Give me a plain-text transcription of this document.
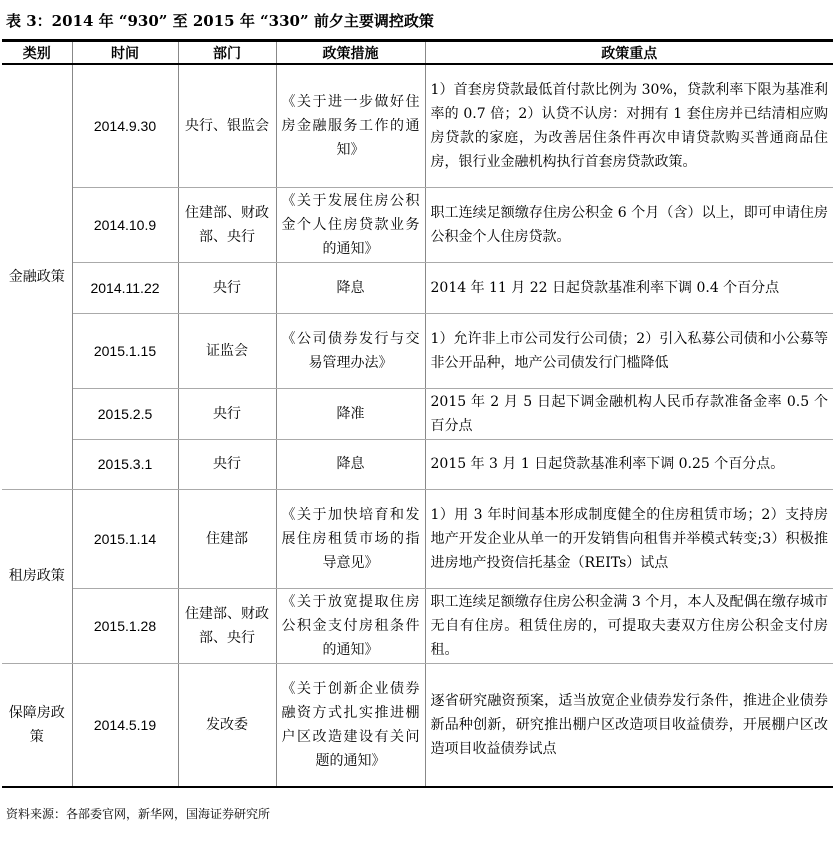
表 3：2014 年 “930” 至 2015 年 “330” 前夕主要调控政策
类别	时间	部门	政策措施	政策重点
金融政策	2014.9.30	央行、银监会	《关于进一步做好住房金融服务工作的通知》	1）首套房贷款最低首付款比例为 30%，贷款利率下限为基准利率的 0.7 倍；2）认贷不认房：对拥有 1 套住房并已结清相应购房贷款的家庭，为改善居住条件再次申请贷款购买普通商品住房，银行业金融机构执行首套房贷款政策。
	2014.10.9	住建部、财政部、央行	《关于发展住房公积金个人住房贷款业务的通知》	职工连续足额缴存住房公积金 6 个月（含）以上，即可申请住房公积金个人住房贷款。
	2014.11.22	央行	降息	2014 年 11 月 22 日起贷款基准利率下调 0.4 个百分点
	2015.1.15	证监会	《公司债券发行与交易管理办法》	1）允许非上市公司发行公司债；2）引入私募公司债和小公募等非公开品种，地产公司债发行门槛降低
	2015.2.5	央行	降准	2015 年 2 月 5 日起下调金融机构人民币存款准备金率 0.5 个百分点
	2015.3.1	央行	降息	2015 年 3 月 1 日起贷款基准利率下调 0.25 个百分点。
租房政策	2015.1.14	住建部	《关于加快培育和发展住房租赁市场的指导意见》	1）用 3 年时间基本形成制度健全的住房租赁市场；2）支持房地产开发企业从单一的开发销售向租售并举模式转变;3）积极推进房地产投资信托基金（REITs）试点
	2015.1.28	住建部、财政部、央行	《关于放宽提取住房公积金支付房租条件的通知》	职工连续足额缴存住房公积金满 3 个月，本人及配偶在缴存城市无自有住房。租赁住房的，可提取夫妻双方住房公积金支付房租。
保障房政策	2014.5.19	发改委	《关于创新企业债券融资方式扎实推进棚户区改造建设有关问题的通知》	逐省研究融资预案，适当放宽企业债券发行条件，推进企业债券新品种创新，研究推出棚户区改造项目收益债券，开展棚户区改造项目收益债券试点
资料来源：各部委官网，新华网，国海证券研究所
